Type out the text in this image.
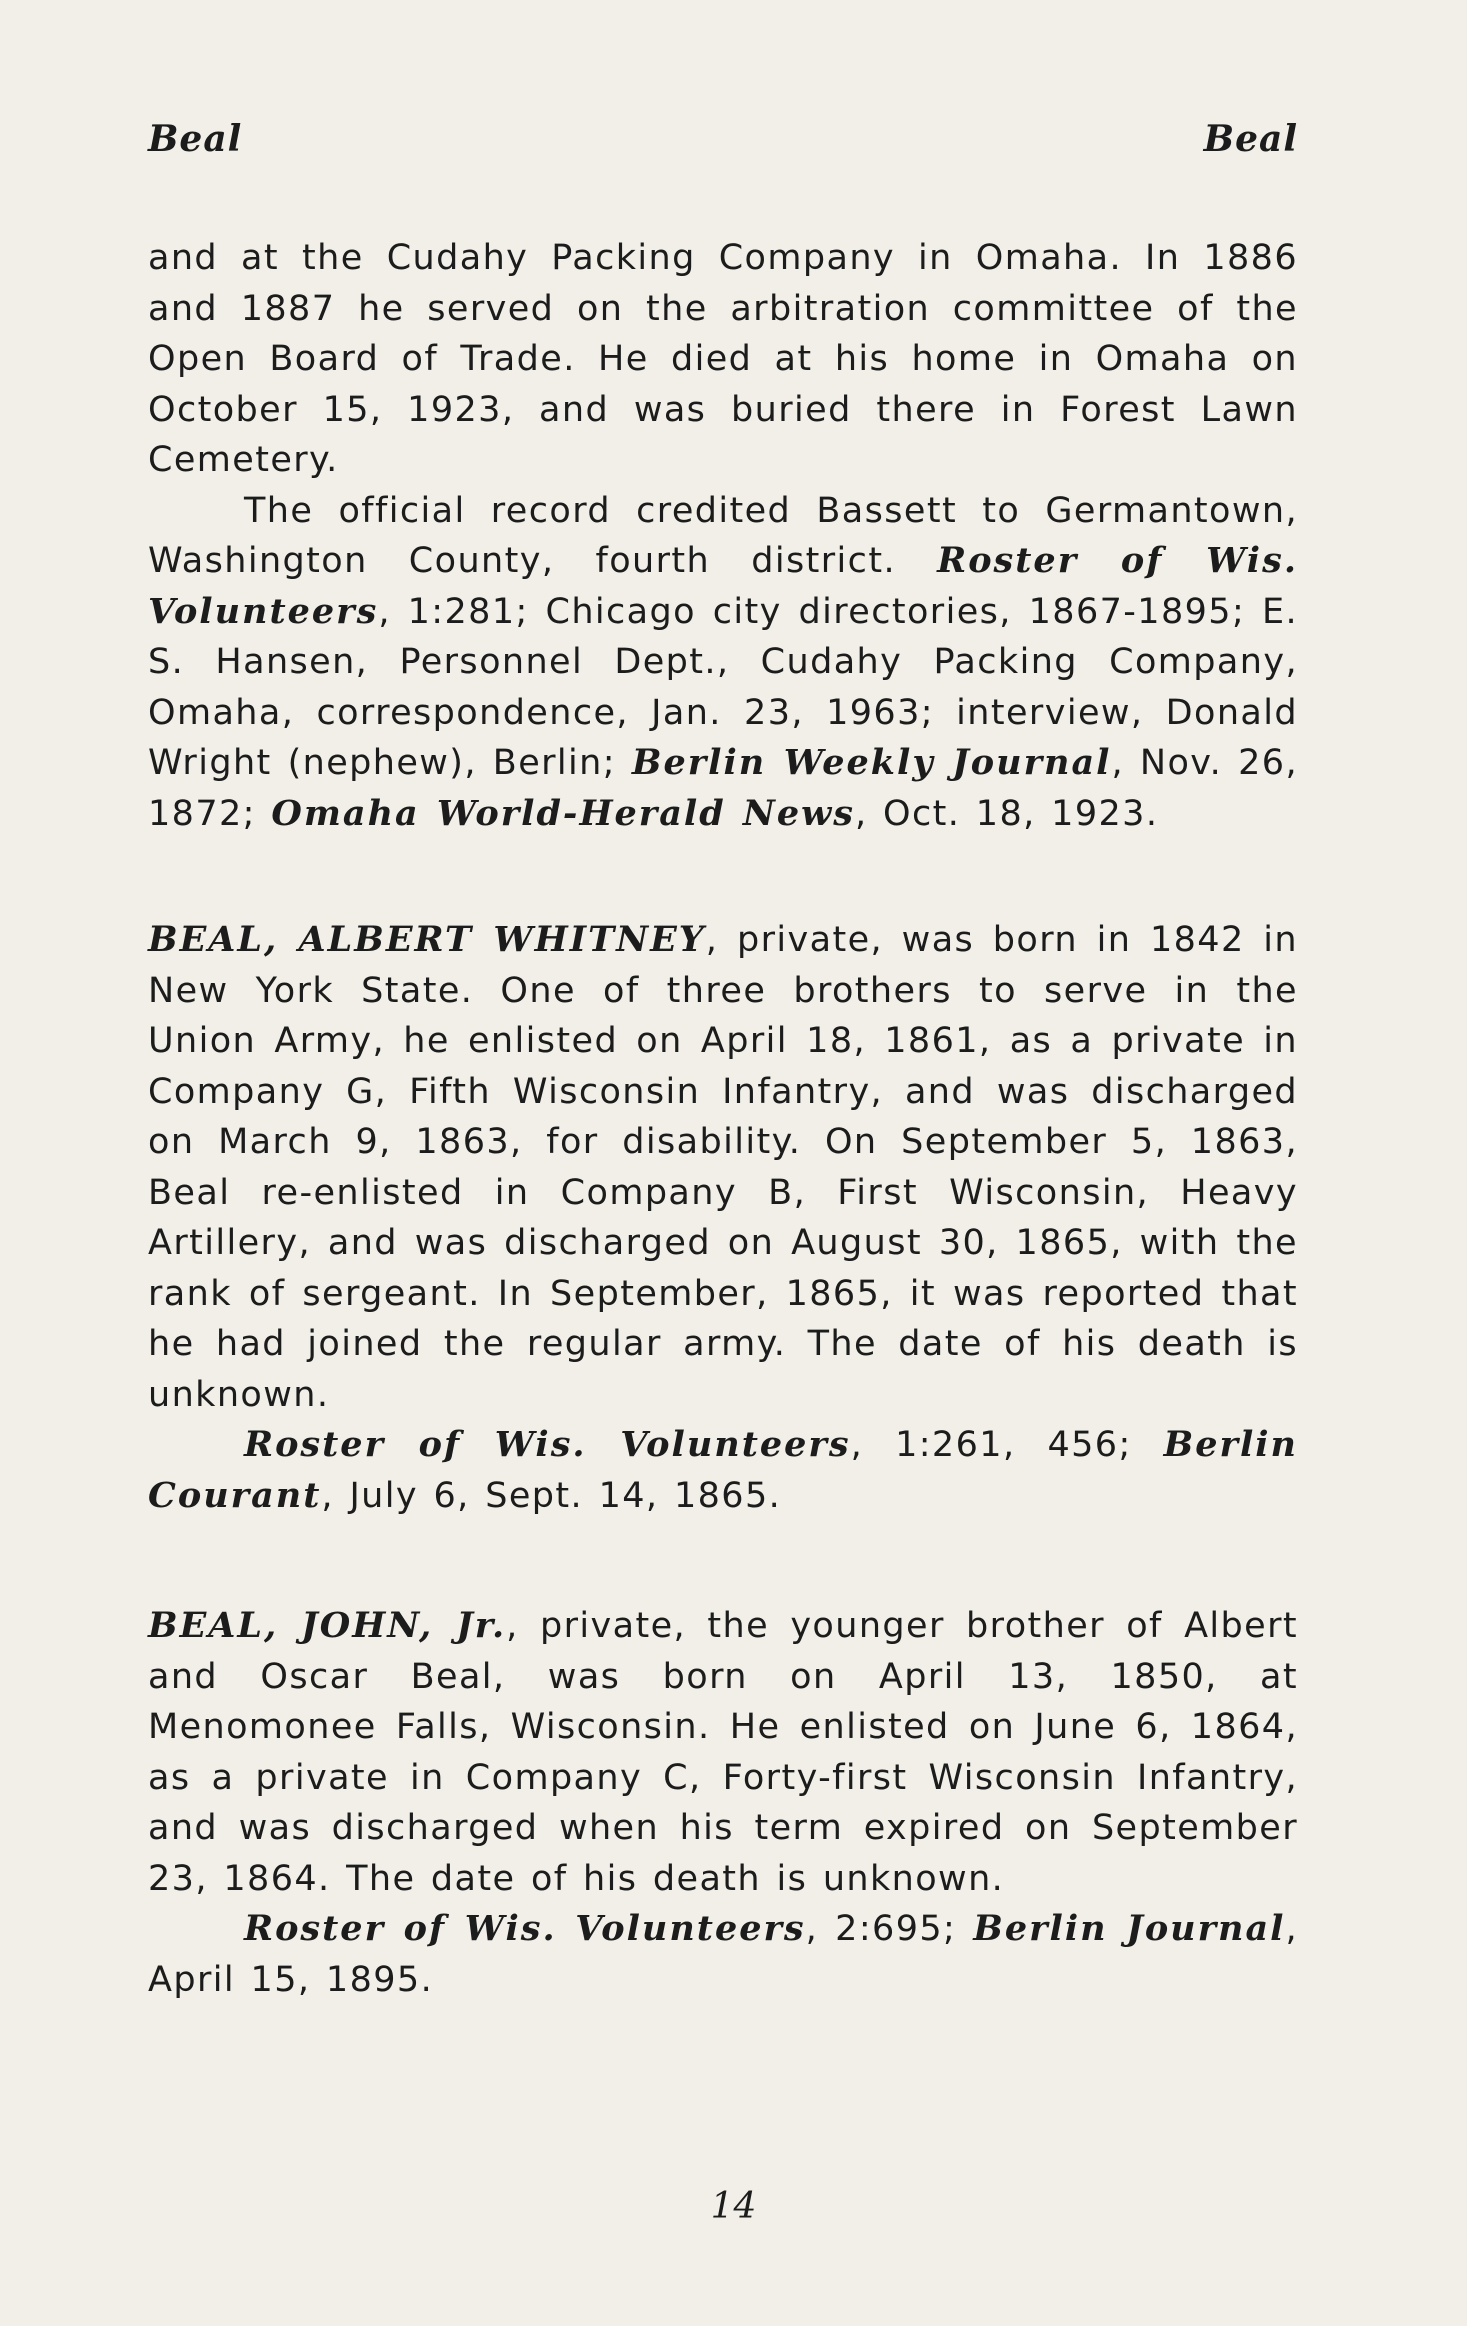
Beal	Beal

and at the Cudahy Packing Company in Omaha. In 1886 and 1887 he served on the arbitration committee of the Open Board of Trade. He died at his home in Omaha on October 15, 1923, and was buried there in Forest Lawn Cemetery.

The official record credited Bassett to Germantown, Washington County, fourth district. Roster of Wis. Volunteers, 1:281; Chicago city directories, 1867-1895; E. S. Hansen, Personnel Dept., Cudahy Packing Company, Omaha, correspondence, Jan. 23, 1963; interview, Donald Wright (nephew), Berlin; Berlin Weekly Journal, Nov. 26, 1872; Omaha World-Herald News, Oct. 18, 1923.

BEAL, ALBERT WHITNEY, private, was born in 1842 in New York State. One of three brothers to serve in the Union Army, he enlisted on April 18, 1861, as a private in Company G, Fifth Wisconsin Infantry, and was discharged on March 9, 1863, for disability. On September 5, 1863, Beal re-enlisted in Company B, First Wisconsin, Heavy Artillery, and was discharged on August 30, 1865, with the rank of sergeant. In September, 1865, it was reported that he had joined the regular army. The date of his death is unknown.

Roster of Wis. Volunteers, 1:261, 456; Berlin Courant, July 6, Sept. 14, 1865.

BEAL, JOHN, Jr., private, the younger brother of Albert and Oscar Beal, was born on April 13, 1850, at Menomonee Falls, Wisconsin. He enlisted on June 6, 1864, as a private in Company C, Forty-first Wisconsin Infantry, and was discharged when his term expired on September 23, 1864. The date of his death is unknown.

Roster of Wis. Volunteers, 2:695; Berlin Journal, April 15, 1895.

14
